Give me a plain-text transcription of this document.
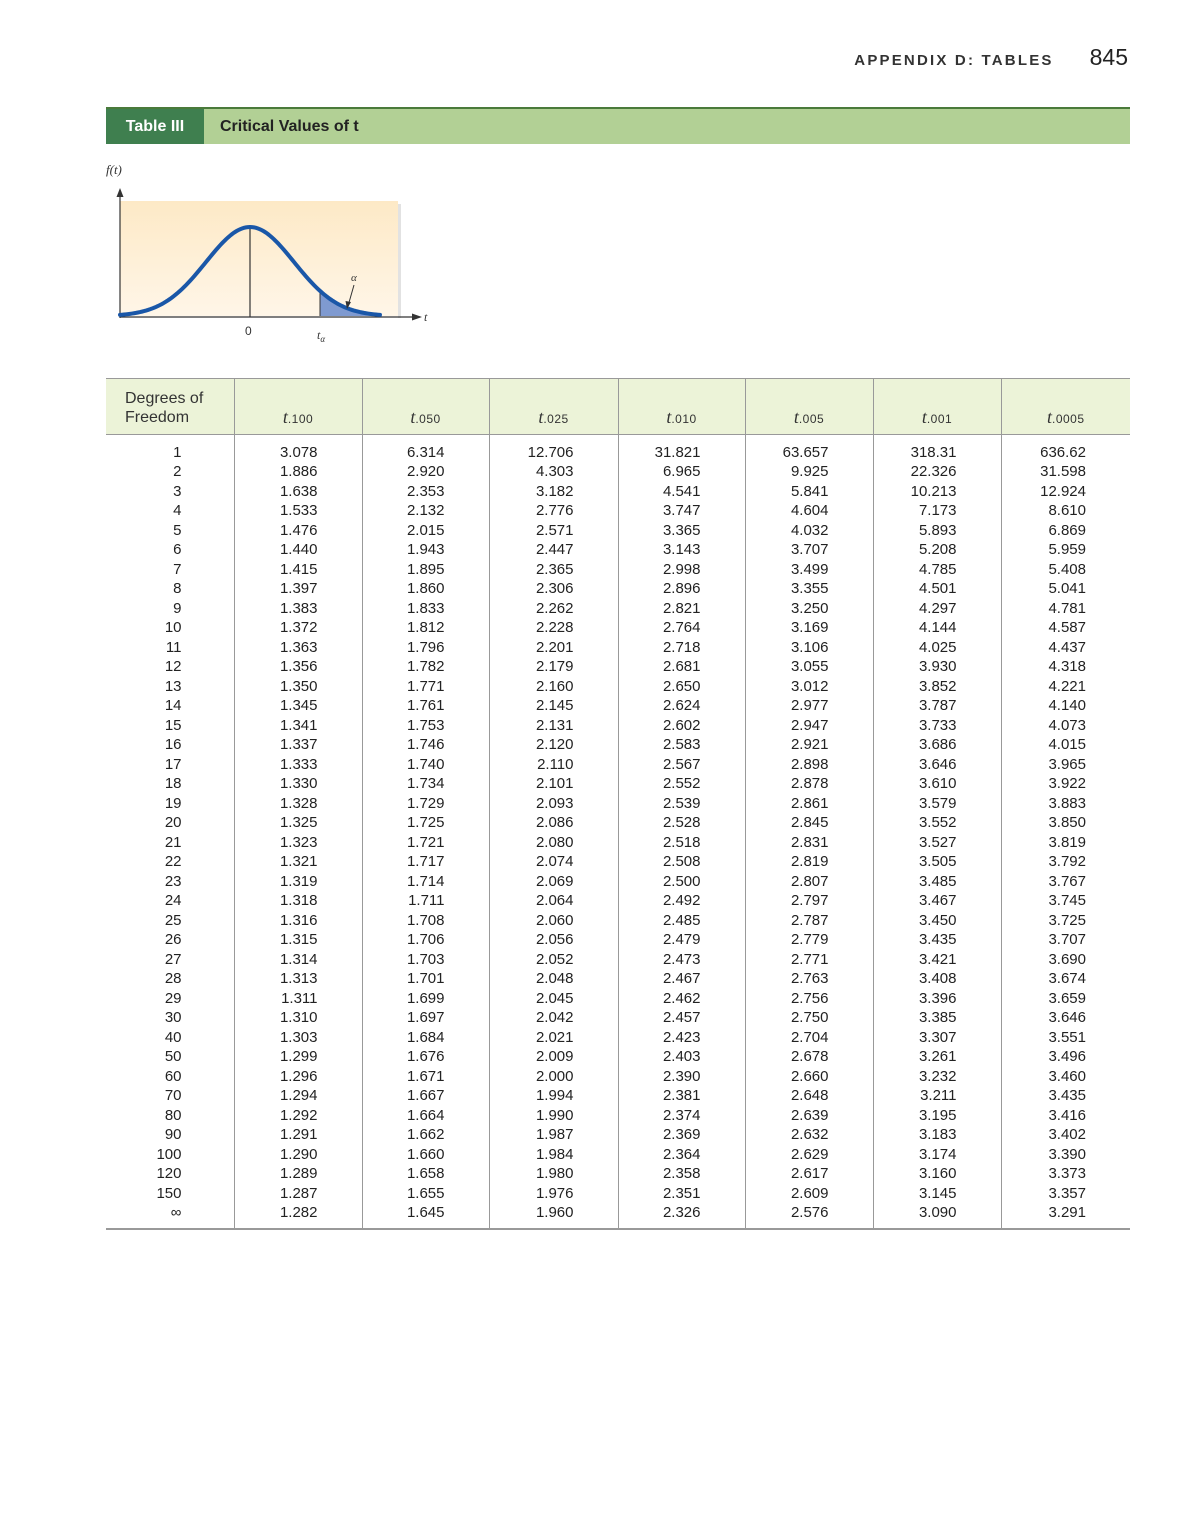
APPENDIX D: TABLES 845
Table III	Critical Values of t
f(t)
0	$t_\alpha$
t
α
Degrees of
Freedom	t.100	t.050	t.025	t.010	t.005	t.001	t.0005
1	3.078	6.314	12.706	31.821	63.657	318.31	636.62
2	1.886	2.920	4.303	6.965	9.925	22.326	31.598
3	1.638	2.353	3.182	4.541	5.841	10.213	12.924
4	1.533	2.132	2.776	3.747	4.604	7.173	8.610
5	1.476	2.015	2.571	3.365	4.032	5.893	6.869
6	1.440	1.943	2.447	3.143	3.707	5.208	5.959
7	1.415	1.895	2.365	2.998	3.499	4.785	5.408
8	1.397	1.860	2.306	2.896	3.355	4.501	5.041
9	1.383	1.833	2.262	2.821	3.250	4.297	4.781
10	1.372	1.812	2.228	2.764	3.169	4.144	4.587
11	1.363	1.796	2.201	2.718	3.106	4.025	4.437
12	1.356	1.782	2.179	2.681	3.055	3.930	4.318
13	1.350	1.771	2.160	2.650	3.012	3.852	4.221
14	1.345	1.761	2.145	2.624	2.977	3.787	4.140
15	1.341	1.753	2.131	2.602	2.947	3.733	4.073
16	1.337	1.746	2.120	2.583	2.921	3.686	4.015
17	1.333	1.740	2.110	2.567	2.898	3.646	3.965
18	1.330	1.734	2.101	2.552	2.878	3.610	3.922
19	1.328	1.729	2.093	2.539	2.861	3.579	3.883
20	1.325	1.725	2.086	2.528	2.845	3.552	3.850
21	1.323	1.721	2.080	2.518	2.831	3.527	3.819
22	1.321	1.717	2.074	2.508	2.819	3.505	3.792
23	1.319	1.714	2.069	2.500	2.807	3.485	3.767
24	1.318	1.711	2.064	2.492	2.797	3.467	3.745
25	1.316	1.708	2.060	2.485	2.787	3.450	3.725
26	1.315	1.706	2.056	2.479	2.779	3.435	3.707
27	1.314	1.703	2.052	2.473	2.771	3.421	3.690
28	1.313	1.701	2.048	2.467	2.763	3.408	3.674
29	1.311	1.699	2.045	2.462	2.756	3.396	3.659
30	1.310	1.697	2.042	2.457	2.750	3.385	3.646
40	1.303	1.684	2.021	2.423	2.704	3.307	3.551
50	1.299	1.676	2.009	2.403	2.678	3.261	3.496
60	1.296	1.671	2.000	2.390	2.660	3.232	3.460
70	1.294	1.667	1.994	2.381	2.648	3.211	3.435
80	1.292	1.664	1.990	2.374	2.639	3.195	3.416
90	1.291	1.662	1.987	2.369	2.632	3.183	3.402
100	1.290	1.660	1.984	2.364	2.629	3.174	3.390
120	1.289	1.658	1.980	2.358	2.617	3.160	3.373
150	1.287	1.655	1.976	2.351	2.609	3.145	3.357
∞	1.282	1.645	1.960	2.326	2.576	3.090	3.291
